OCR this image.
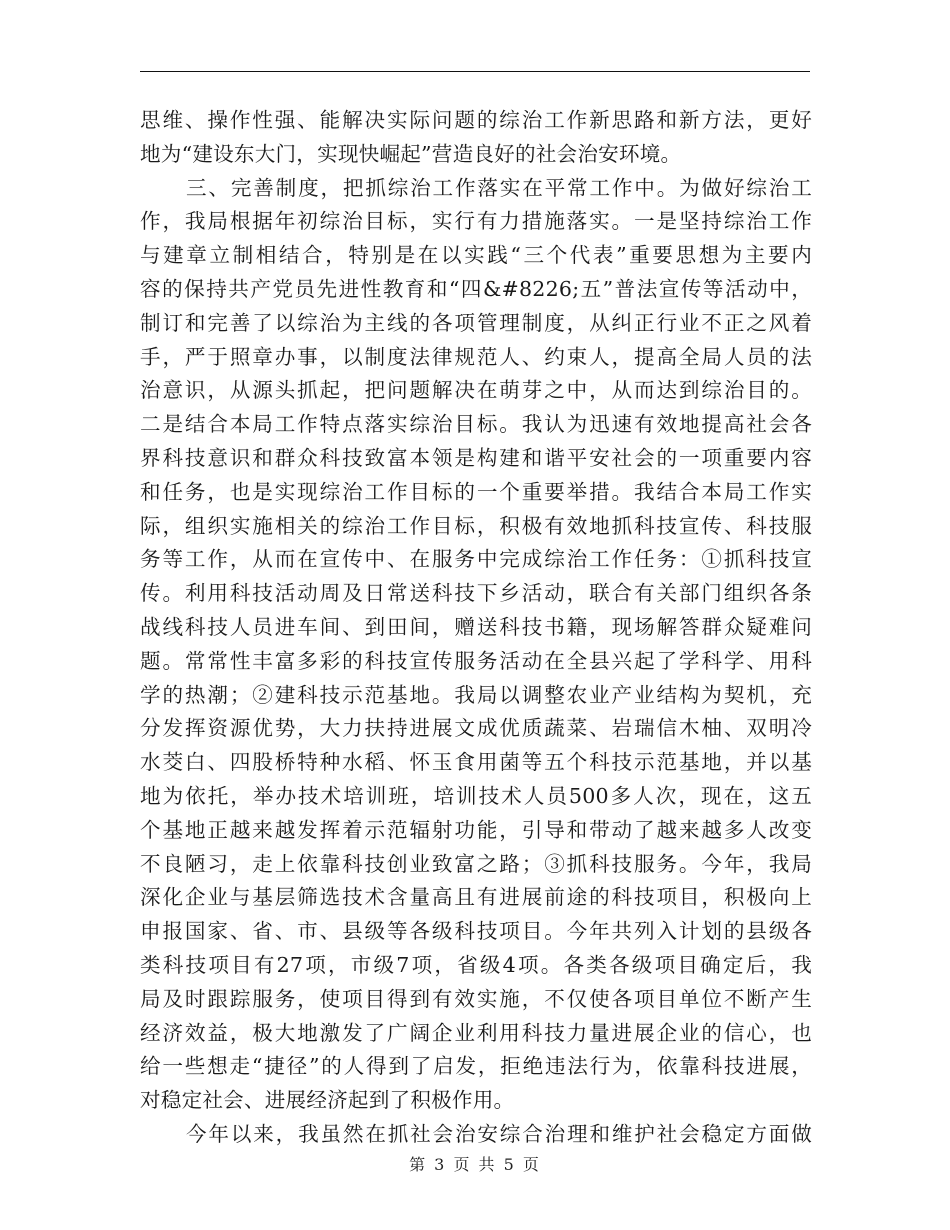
思维、操作性强、能解决实际问题的综治工作新思路和新方法，更好
地为“建设东大门，实现快崛起”营造良好的社会治安环境。
三、完善制度，把抓综治工作落实在平常工作中。为做好综治工
作，我局根据年初综治目标，实行有力措施落实。一是坚持综治工作
与建章立制相结合，特别是在以实践“三个代表”重要思想为主要内
容的保持共产党员先进性教育和“四&#8226;五”普法宣传等活动中，
制订和完善了以综治为主线的各项管理制度，从纠正行业不正之风着
手，严于照章办事，以制度法律规范人、约束人，提高全局人员的法
治意识，从源头抓起，把问题解决在萌芽之中，从而达到综治目的。
二是结合本局工作特点落实综治目标。我认为迅速有效地提高社会各
界科技意识和群众科技致富本领是构建和谐平安社会的一项重要内容
和任务，也是实现综治工作目标的一个重要举措。我结合本局工作实
际，组织实施相关的综治工作目标，积极有效地抓科技宣传、科技服
务等工作，从而在宣传中、在服务中完成综治工作任务：①抓科技宣
传。利用科技活动周及日常送科技下乡活动，联合有关部门组织各条
战线科技人员进车间、到田间，赠送科技书籍，现场解答群众疑难问
题。常常性丰富多彩的科技宣传服务活动在全县兴起了学科学、用科
学的热潮；②建科技示范基地。我局以调整农业产业结构为契机，充
分发挥资源优势，大力扶持进展文成优质蔬菜、岩瑞信木柚、双明冷
水茭白、四股桥特种水稻、怀玉食用菌等五个科技示范基地，并以基
地为依托，举办技术培训班，培训技术人员500多人次，现在，这五
个基地正越来越发挥着示范辐射功能，引导和带动了越来越多人改变
不良陋习，走上依靠科技创业致富之路；③抓科技服务。今年，我局
深化企业与基层筛选技术含量高且有进展前途的科技项目，积极向上
申报国家、省、市、县级等各级科技项目。今年共列入计划的县级各
类科技项目有27项，市级7项，省级4项。各类各级项目确定后，我
局及时跟踪服务，使项目得到有效实施，不仅使各项目单位不断产生
经济效益，极大地激发了广阔企业利用科技力量进展企业的信心，也
给一些想走“捷径”的人得到了启发，拒绝违法行为，依靠科技进展，
对稳定社会、进展经济起到了积极作用。
今年以来，我虽然在抓社会治安综合治理和维护社会稳定方面做
第 3 页 共 5 页
